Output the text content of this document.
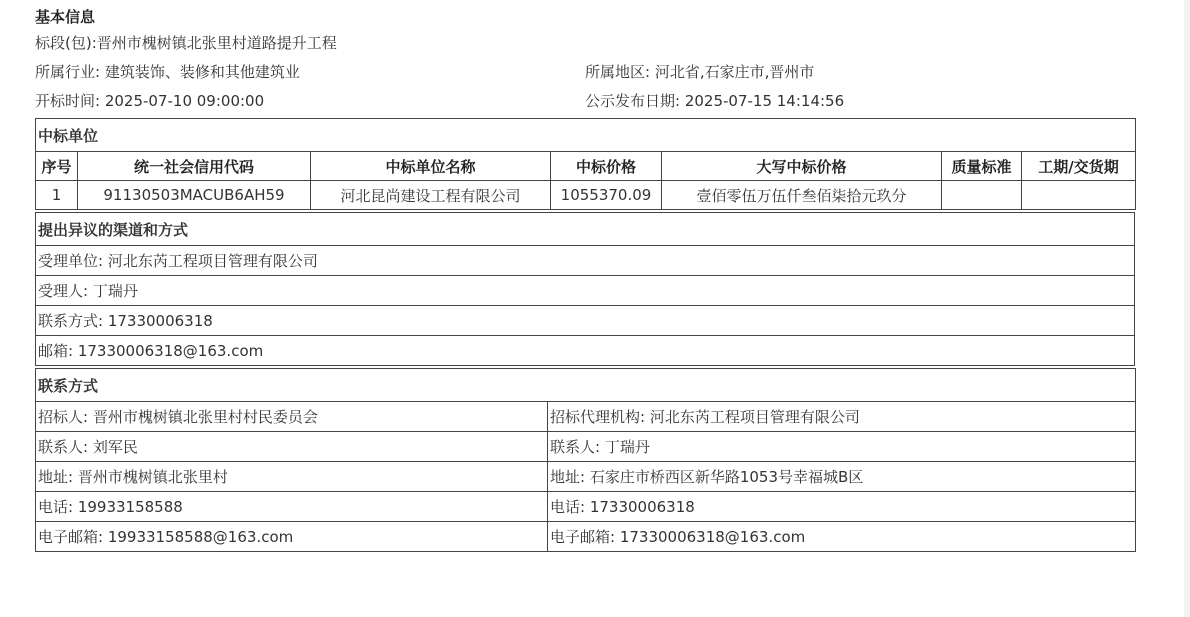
基本信息
标段(包):晋州市槐树镇北张里村道路提升工程
所属行业: 建筑装饰、装修和其他建筑业	所属地区: 河北省,石家庄市,晋州市
开标时间: 2025-07-10 09:00:00	公示发布日期: 2025-07-15 14:14:56
中标单位						
序号	统一社会信用代码	中标单位名称	中标价格	大写中标价格	质量标准	工期/交货期
1	91130503MACUB6AH59	河北昆尚建设工程有限公司	1055370.09	壹佰零伍万伍仟叁佰柒拾元玖分		
提出异议的渠道和方式
受理单位: 河北东芮工程项目管理有限公司
受理人: 丁瑞丹
联系方式: 17330006318
邮箱: 17330006318@163.com
联系方式	
招标人: 晋州市槐树镇北张里村村民委员会	招标代理机构: 河北东芮工程项目管理有限公司
联系人: 刘军民	联系人: 丁瑞丹
地址: 晋州市槐树镇北张里村	地址: 石家庄市桥西区新华路1053号幸福城B区
电话: 19933158588	电话: 17330006318
电子邮箱: 19933158588@163.com	电子邮箱: 17330006318@163.com
